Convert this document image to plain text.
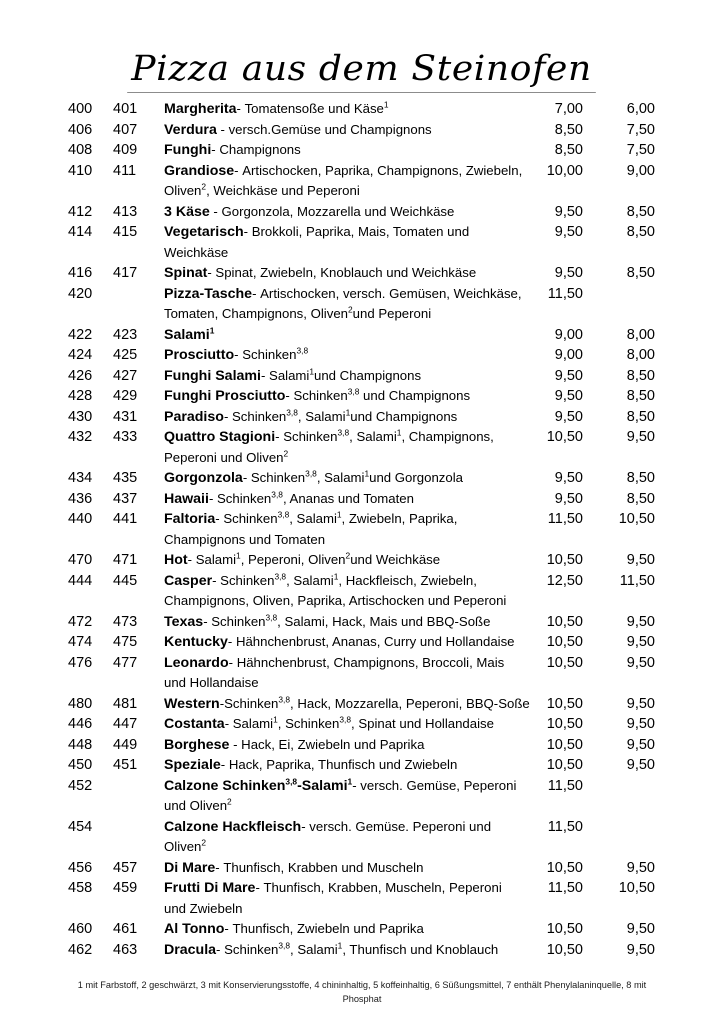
Pizza aus dem Steinofen
400	401	Margherita- Tomatensoße und Käse$^1$	7,00	6,00
406	407	Verdura - versch.Gemüse und Champignons	8,50	7,50
408	409	Funghi- Champignons	8,50	7,50
410	411	Grandiose- Artischocken, Paprika, Champignons, Zwiebeln,	10,00	9,00
Oliven$^2$, Weichkäse und Peperoni
412	413	3 Käse - Gorgonzola, Mozzarella und Weichkäse	9,50	8,50
414	415	Vegetarisch- Brokkoli, Paprika, Mais, Tomaten und	9,50	8,50
Weichkäse
416	417	Spinat- Spinat, Zwiebeln, Knoblauch und Weichkäse	9,50	8,50
420	Pizza-Tasche- Artischocken, versch. Gemüsen, Weichkäse,	11,50
Tomaten, Champignons, Oliven$^2$und Peperoni
422	423	Salami$^1$	9,00	8,00
424	425	Prosciutto- Schinken$^{3,8}$	9,00	8,00
426	427	Funghi Salami- Salami$^1$und Champignons	9,50	8,50
428	429	Funghi Prosciutto- Schinken$^{3,8}$ und Champignons	9,50	8,50
430	431	Paradiso- Schinken$^{3,8}$, Salami$^1$und Champignons	9,50	8,50
432	433	Quattro Stagioni- Schinken$^{3,8}$, Salami$^1$, Champignons,	10,50	9,50
Peperoni und Oliven$^2$
434	435	Gorgonzola- Schinken$^{3,8}$, Salami$^1$und Gorgonzola	9,50	8,50
436	437	Hawaii- Schinken$^{3,8}$, Ananas und Tomaten	9,50	8,50
440	441	Faltoria- Schinken$^{3,8}$, Salami$^1$, Zwiebeln, Paprika,	11,50	10,50
Champignons und Tomaten
470	471	Hot- Salami$^1$, Peperoni, Oliven$^2$und Weichkäse	10,50	9,50
444	445	Casper- Schinken$^{3,8}$, Salami$^1$, Hackfleisch, Zwiebeln,	12,50	11,50
Champignons, Oliven, Paprika, Artischocken und Peperoni
472	473	Texas- Schinken$^{3,8}$, Salami, Hack, Mais und BBQ-Soße	10,50	9,50
474	475	Kentucky- Hähnchenbrust, Ananas, Curry und Hollandaise	10,50	9,50
476	477	Leonardo- Hähnchenbrust, Champignons, Broccoli, Mais	10,50	9,50
und Hollandaise
480	481	Western-Schinken$^{3,8}$, Hack, Mozzarella, Peperoni, BBQ-Soße	10,50	9,50
446	447	Costanta- Salami$^1$, Schinken$^{3,8}$, Spinat und Hollandaise	10,50	9,50
448	449	Borghese - Hack, Ei, Zwiebeln und Paprika	10,50	9,50
450	451	Speziale- Hack, Paprika, Thunfisch und Zwiebeln	10,50	9,50
452	Calzone Schinken$^{3,8}$-Salami$^1$- versch. Gemüse, Peperoni	11,50
und Oliven$^2$
454	Calzone Hackfleisch- versch. Gemüse. Peperoni und	11,50
Oliven$^2$
456	457	Di Mare- Thunfisch, Krabben und Muscheln	10,50	9,50
458	459	Frutti Di Mare- Thunfisch, Krabben, Muscheln, Peperoni	11,50	10,50
und Zwiebeln
460	461	Al Tonno- Thunfisch, Zwiebeln und Paprika	10,50	9,50
462	463	Dracula- Schinken$^{3,8}$, Salami$^1$, Thunfisch und Knoblauch	10,50	9,50
1 mit Farbstoff, 2 geschwärzt, 3 mit Konservierungsstoffe, 4 chininhaltig, 5 koffeinhaltig, 6 Süßungsmittel, 7 enthält Phenylalaninquelle, 8 mit Phosphat
